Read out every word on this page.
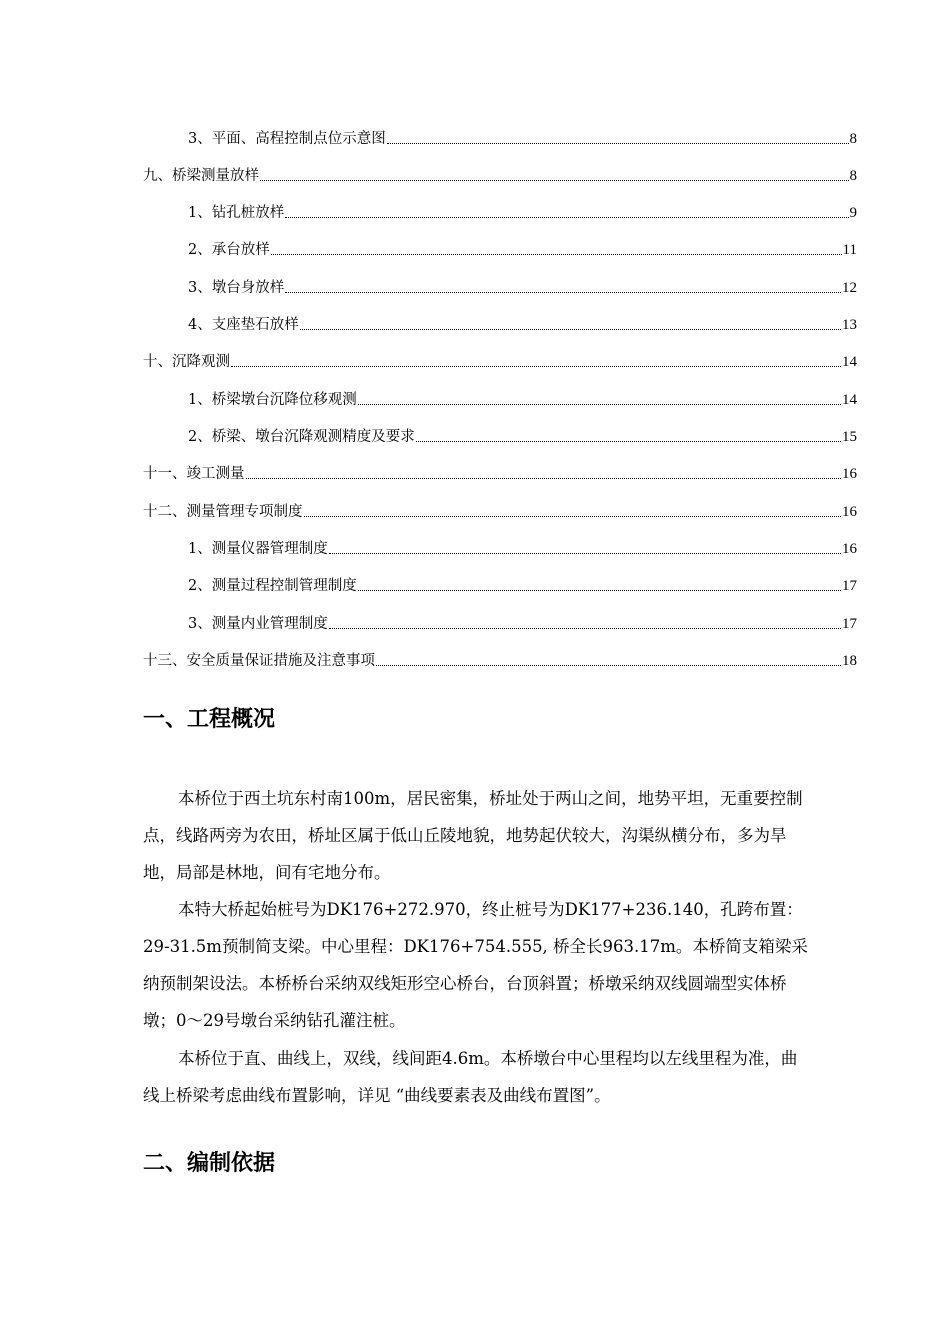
3、平面、高程控制点位示意图	8
九、桥梁测量放样	8
1、钻孔桩放样	9
2、承台放样	11
3、墩台身放样	12
4、支座垫石放样	13
十、沉降观测	14
1、桥梁墩台沉降位移观测	14
2、桥梁、墩台沉降观测精度及要求	15
十一、竣工测量	16
十二、测量管理专项制度	16
1、测量仪器管理制度	16
2、测量过程控制管理制度	17
3、测量内业管理制度	17
十三、安全质量保证措施及注意事项	18
一、工程概况

本桥位于西土坑东村南100m，居民密集，桥址处于两山之间，地势平坦，无重要控制点，线路两旁为农田，桥址区属于低山丘陵地貌，地势起伏较大，沟渠纵横分布，多为旱地，局部是林地，间有宅地分布。

本特大桥起始桩号为DK176+272.970，终止桩号为DK177+236.140，孔跨布置：29-31.5m预制简支梁。中心里程：DK176+754.555, 桥全长963.17m。本桥简支箱梁采纳预制架设法。本桥桥台采纳双线矩形空心桥台，台顶斜置；桥墩采纳双线圆端型实体桥墩；0～29号墩台采纳钻孔灌注桩。

本桥位于直、曲线上，双线，线间距4.6m。本桥墩台中心里程均以左线里程为准，曲线上桥梁考虑曲线布置影响，详见 “曲线要素表及曲线布置图”。

二、编制依据
